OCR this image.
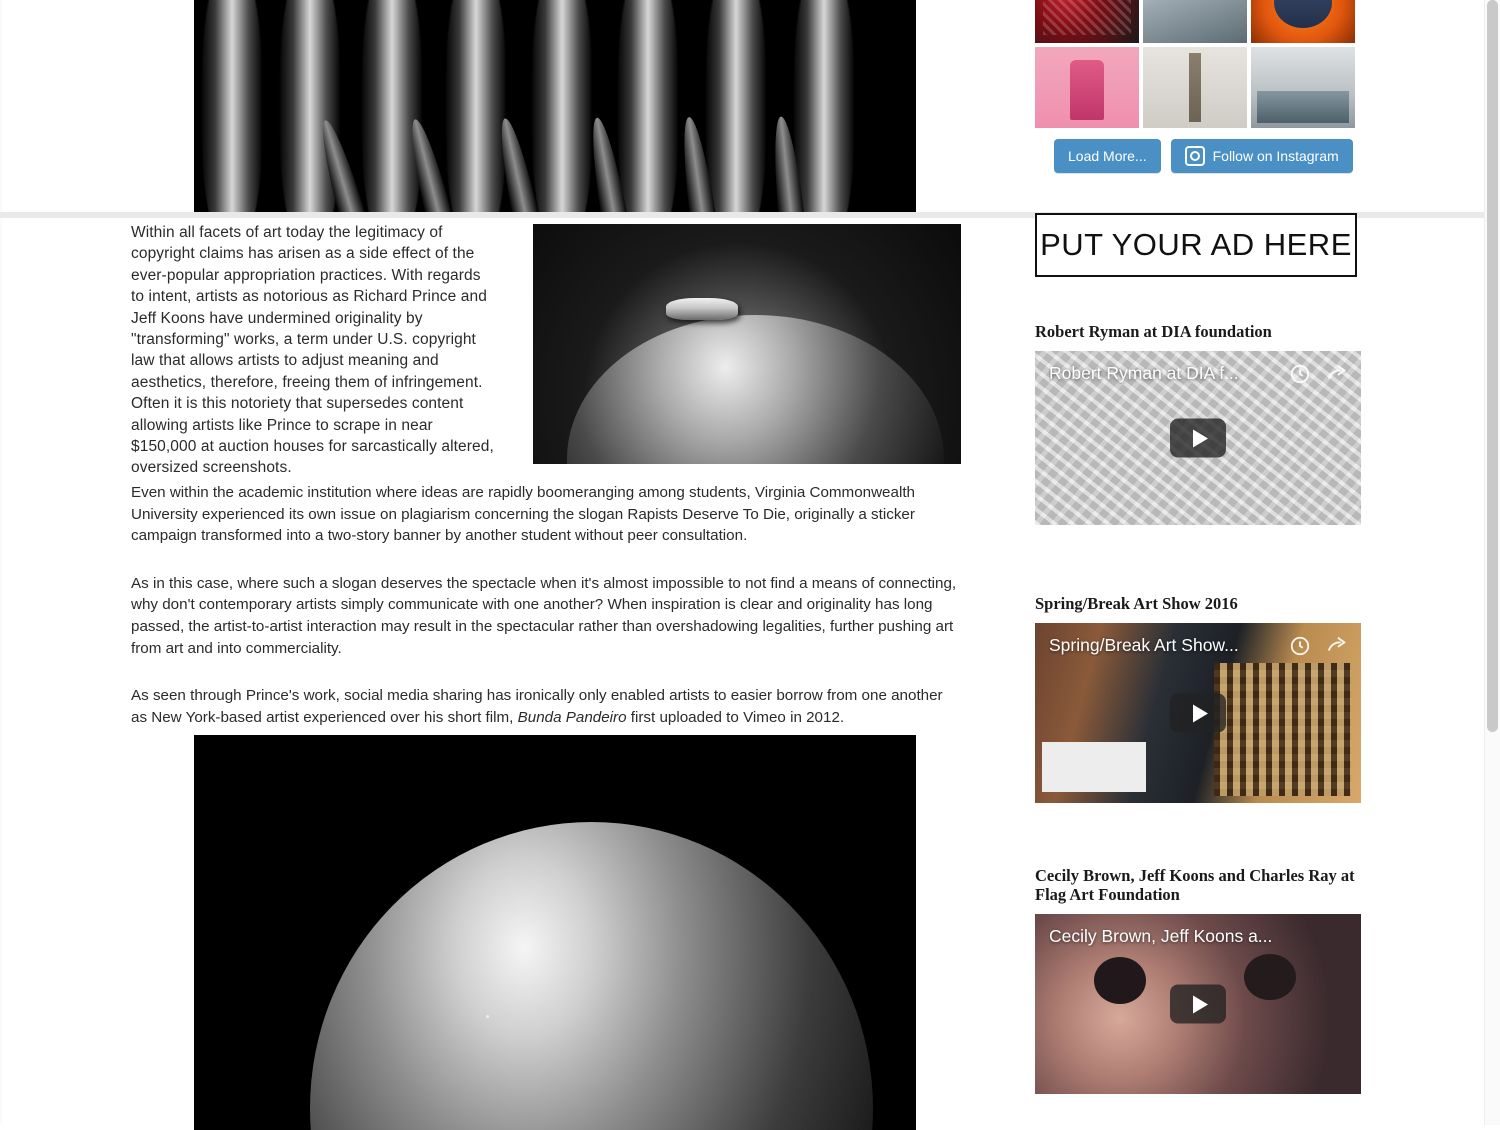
Within all facets of art today the legitimacy of copyright claims has arisen as a side effect of the ever-popular appropriation practices. With regards to intent, artists as notorious as Richard Prince and Jeff Koons have undermined originality by "transforming" works, a term under U.S. copyright law that allows artists to adjust meaning and aesthetics, therefore, freeing them of infringement. Often it is this notoriety that supersedes content allowing artists like Prince to scrape in near $150,000 at auction houses for sarcastically altered, oversized screenshots.

Even within the academic institution where ideas are rapidly boomeranging among students, Virginia Commonwealth University experienced its own issue on plagiarism concerning the slogan Rapists Deserve To Die, originally a sticker campaign transformed into a two-story banner by another student without peer consultation.

As in this case, where such a slogan deserves the spectacle when it's almost impossible to not find a means of connecting, why don't contemporary artists simply communicate with one another? When inspiration is clear and originality has long passed, the artist-to-artist interaction may result in the spectacular rather than overshadowing legalities, further pushing art from art and into commerciality.

As seen through Prince's work, social media sharing has ironically only enabled artists to easier borrow from one another as New York-based artist experienced over his short film, Bunda Pandeiro first uploaded to Vimeo in 2012.

Load More...	Follow on Instagram
PUT YOUR AD HERE
Robert Ryman at DIA foundation
Robert Ryman at DIA f...
Spring/Break Art Show 2016
Spring/Break Art Show...
Cecily Brown, Jeff Koons and Charles Ray at Flag Art Foundation
Cecily Brown, Jeff Koons a...
